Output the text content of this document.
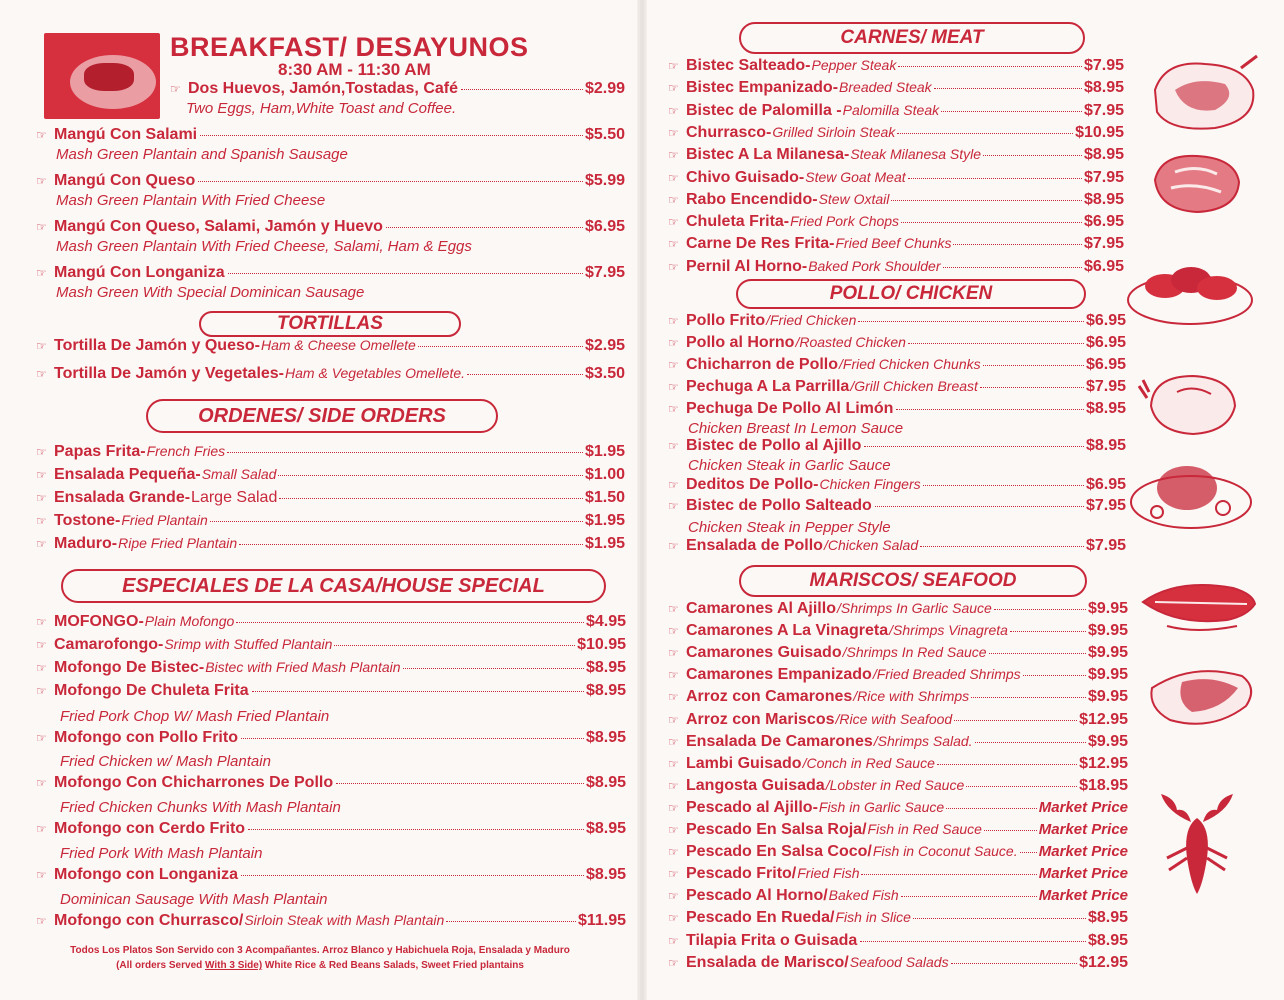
BREAKFAST/ DESAYUNOS
8:30 AM - 11:30 AM
☞ Dos Huevos, Jamón,Tostadas, Café	$2.99
Two Eggs, Ham,White Toast and Coffee.
☞ Mangú Con Salami	$5.50
Mash Green Plantain and Spanish Sausage
☞ Mangú Con Queso	$5.99
Mash Green Plantain With Fried Cheese
☞ Mangú Con Queso, Salami, Jamón y Huevo	$6.95
Mash Green Plantain With Fried Cheese, Salami, Ham & Eggs
☞ Mangú Con Longaniza	$7.95
Mash Green With Special Dominican Sausage
TORTILLAS
☞ Tortilla De Jamón y Queso- Ham & Cheese Omellete	$2.95
☞ Tortilla De Jamón y Vegetales- Ham & Vegetables Omellete.	$3.50
ORDENES/ SIDE ORDERS
☞ Papas Frita- French Fries	$1.95
☞ Ensalada Pequeña- Small Salad	$1.00
☞ Ensalada Grande- Large Salad	$1.50
☞ Tostone- Fried Plantain	$1.95
☞ Maduro- Ripe Fried Plantain	$1.95
ESPECIALES DE LA CASA/HOUSE SPECIAL
☞ MOFONGO- Plain Mofongo	$4.95
☞ Camarofongo- Srimp with Stuffed Plantain	$10.95
☞ Mofongo De Bistec- Bistec with Fried Mash Plantain	$8.95
☞ Mofongo De Chuleta Frita	$8.95
Fried Pork Chop W/ Mash Fried Plantain
☞ Mofongo con Pollo Frito	$8.95
Fried Chicken w/ Mash Plantain
☞ Mofongo Con Chicharrones De Pollo	$8.95
Fried Chicken Chunks With Mash Plantain
☞ Mofongo con Cerdo Frito	$8.95
Fried Pork With Mash Plantain
☞ Mofongo con Longaniza	$8.95
Dominican Sausage With Mash Plantain
☞ Mofongo con Churrasco/ Sirloin Steak with Mash Plantain	$11.95
Todos Los Platos Son Servido con 3 Acompañantes. Arroz Blanco y Habichuela Roja, Ensalada y Maduro
(All orders Served With 3 Side) White Rice & Red Beans Salads, Sweet Fried plantains
CARNES/ MEAT
☞ Bistec Salteado- Pepper Steak	$7.95
☞ Bistec Empanizado- Breaded Steak	$8.95
☞ Bistec de Palomilla - Palomilla Steak	$7.95
☞ Churrasco- Grilled Sirloin Steak	$10.95
☞ Bistec A La Milanesa- Steak Milanesa Style	$8.95
☞ Chivo Guisado- Stew Goat Meat	$7.95
☞ Rabo Encendido- Stew Oxtail	$8.95
☞ Chuleta Frita- Fried Pork Chops	$6.95
☞ Carne De Res Frita- Fried Beef Chunks	$7.95
☞ Pernil Al Horno- Baked Pork Shoulder	$6.95
POLLO/ CHICKEN
☞ Pollo Frito /Fried Chicken	$6.95
☞ Pollo al Horno /Roasted Chicken	$6.95
☞ Chicharron de Pollo /Fried Chicken Chunks	$6.95
☞ Pechuga A La Parrilla /Grill Chicken Breast	$7.95
☞ Pechuga De Pollo Al Limón	$8.95
Chicken Breast In Lemon Sauce
☞ Bistec de Pollo al Ajillo	$8.95
Chicken Steak in Garlic Sauce
☞ Deditos De Pollo- Chicken Fingers	$6.95
☞ Bistec de Pollo Salteado	$7.95
Chicken Steak in Pepper Style
☞ Ensalada de Pollo /Chicken Salad	$7.95
MARISCOS/ SEAFOOD
☞ Camarones Al Ajillo /Shrimps In Garlic Sauce	$9.95
☞ Camarones A La Vinagreta /Shrimps Vinagreta	$9.95
☞ Camarones Guisado /Shrimps In Red Sauce	$9.95
☞ Camarones Empanizado /Fried Breaded Shrimps	$9.95
☞ Arroz con Camarones /Rice with Shrimps	$9.95
☞ Arroz con Mariscos /Rice with Seafood	$12.95
☞ Ensalada De Camarones /Shrimps Salad.	$9.95
☞ Lambi Guisado /Conch in Red Sauce	$12.95
☞ Langosta Guisada /Lobster in Red Sauce	$18.95
☞ Pescado al Ajillo- Fish in Garlic Sauce	Market Price
☞ Pescado En Salsa Roja/ Fish in Red Sauce	Market Price
☞ Pescado En Salsa Coco/ Fish in Coconut Sauce. Market Price
☞ Pescado Frito/ Fried Fish	Market Price
☞ Pescado Al Horno/ Baked Fish	Market Price
☞ Pescado En Rueda/ Fish in Slice	$8.95
☞ Tilapia Frita o Guisada	$8.95
☞ Ensalada de Marisco/ Seafood Salads	$12.95
